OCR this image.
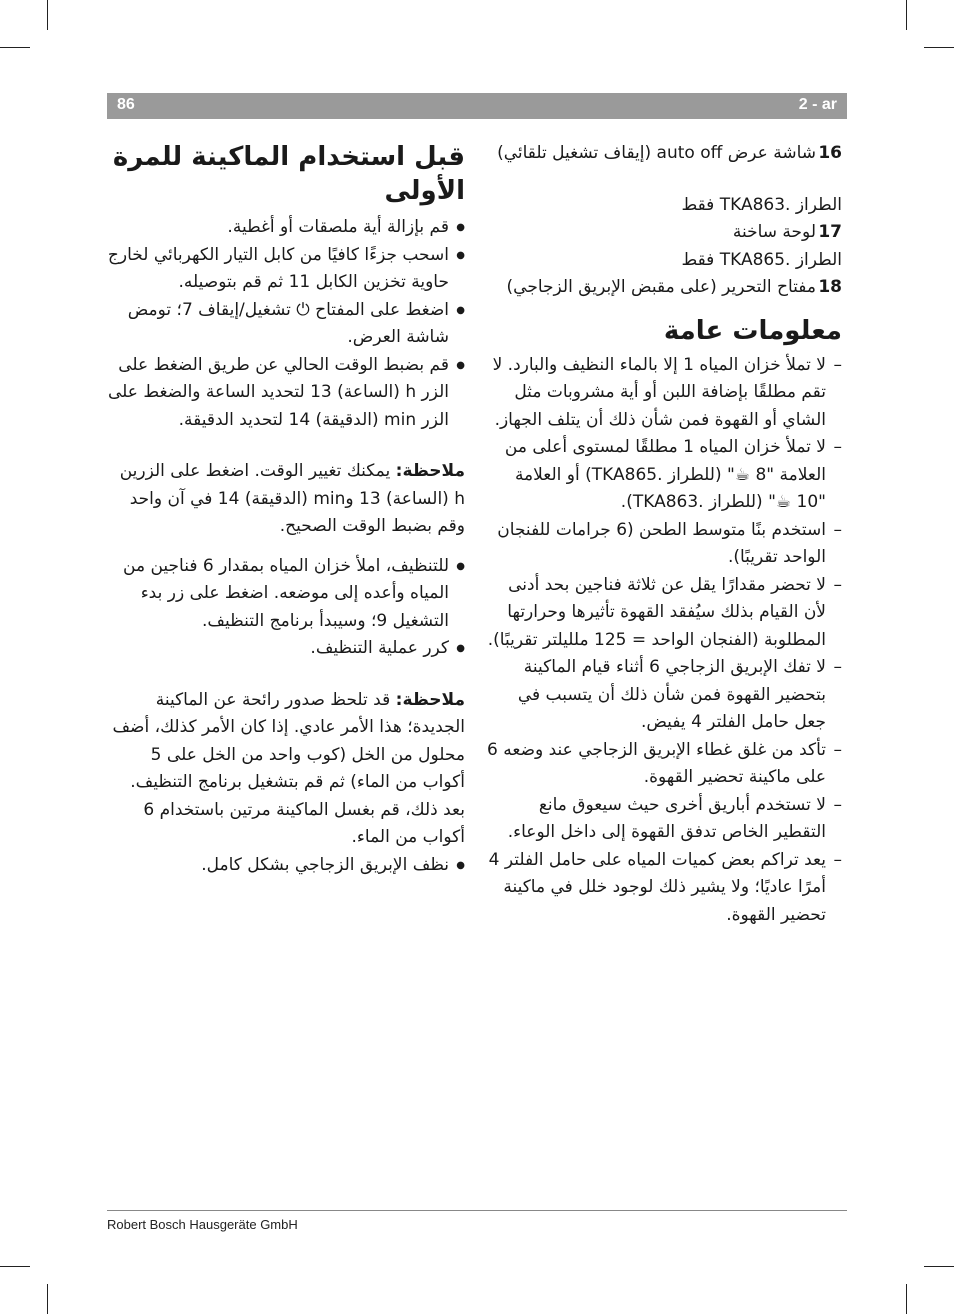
86	2 - ar
قبل استخدام الماكينة للمرة الأولى
● قم بإزالة أية ملصقات أو أغطية.
● اسحب جزءًا كافيًا من كابل التيار الكهربائي لخارج حاوية تخزين الكابل 11 ثم قم بتوصيله.
● اضغط على المفتاح ⏻ تشغيل/إيقاف 7؛ تومض شاشة العرض.
● قم بضبط الوقت الحالي عن طريق الضغط على الزر h (الساعة) 13 لتحديد الساعة والضغط على الزر min (الدقيقة) 14 لتحديد الدقيقة.

ملاحظة: يمكنك تغيير الوقت. اضغط على الزرين h (الساعة) 13 وmin (الدقيقة) 14 في آن واحد وقم بضبط الوقت الصحيح.

● للتنظيف، املأ خزان المياه بمقدار 6 فناجين من المياه وأعده إلى موضعه. اضغط على زر بدء التشغيل 9؛ وسيبدأ برنامج التنظيف.
● كرر عملية التنظيف.

ملاحظة: قد تلحظ صدور رائحة عن الماكينة الجديدة؛ هذا الأمر عادي. إذا كان الأمر كذلك، أضف محلول من الخل (كوب واحد من الخل على 5 أكواب من الماء) ثم قم بتشغيل برنامج التنظيف. بعد ذلك، قم بغسل الماكينة مرتين باستخدام 6 أكواب من الماء.

● نظف الإبريق الزجاجي بشكل كامل.
16
شاشة عرض auto off (إيقاف تشغيل تلقائي)
الطراز .TKA863 فقط
17
لوحة ساخنة
الطراز .TKA865 فقط
18
مفتاح التحرير (على مقبض الإبريق الزجاجي)
معلومات عامة
– لا تملأ خزان المياه 1 إلا بالماء النظيف والبارد. لا تقم مطلقًا بإضافة اللبن أو أية مشروبات مثل الشاي أو القهوة فمن شأن ذلك أن يتلف الجهاز.
– لا تملأ خزان المياه 1 مطلقًا لمستوى أعلى من العلامة "8 ☕" (للطراز .TKA865) أو العلامة "10 ☕" (للطراز .TKA863).
– استخدم بنًا متوسط الطحن (6 جرامات للفنجان الواحد تقريبًا).
– لا تحضر مقدارًا يقل عن ثلاثة فناجين بحد أدنى لأن القيام بذلك سيُفقد القهوة تأثيرها وحرارتها المطلوبة (الفنجان الواحد = 125 ملليلتر تقريبًا).
– لا تفك الإبريق الزجاجي 6 أثناء قيام الماكينة بتحضير القهوة فمن شأن ذلك أن يتسبب في جعل حامل الفلتر 4 يفيض.
– تأكد من غلق غطاء الإبريق الزجاجي عند وضعه 6 على ماكينة تحضير القهوة.
– لا تستخدم أباريق أخرى حيث سيعوق مانع التقطير الخاص تدفق القهوة إلى داخل الوعاء.
– يعد تراكم بعض كميات المياه على حامل الفلتر 4 أمرًا عاديًا؛ ولا يشير ذلك لوجود خلل في ماكينة تحضير القهوة.
Robert Bosch Hausgeräte GmbH
